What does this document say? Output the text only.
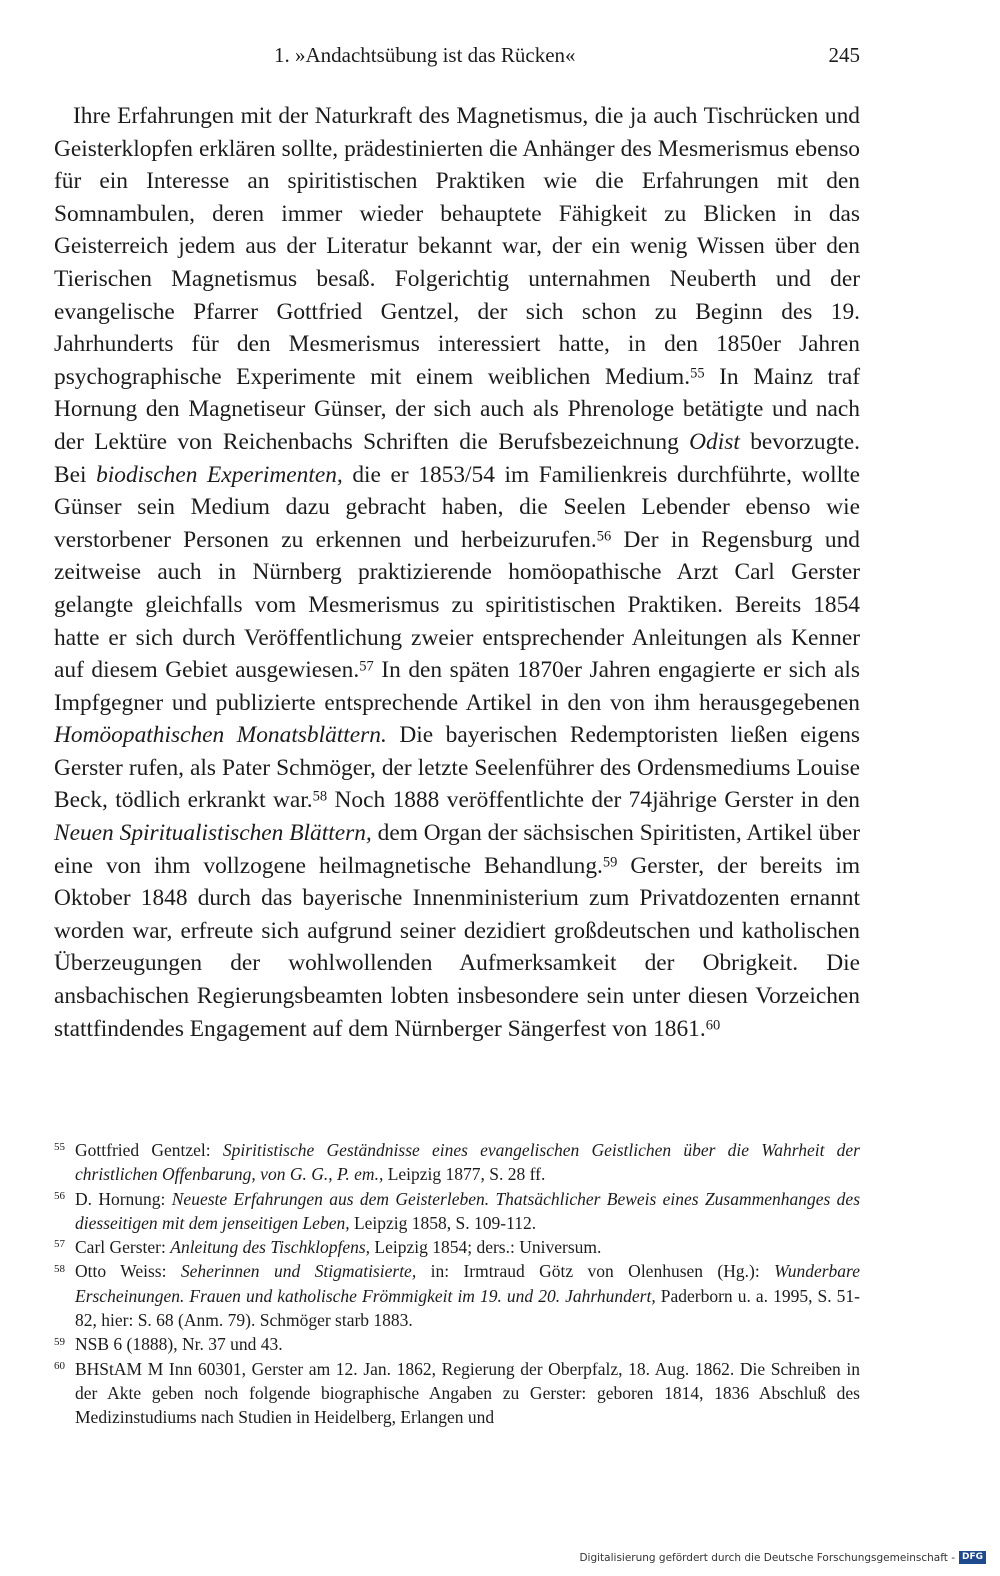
1. »Andachtsübung ist das Rücken«	245

Ihre Erfahrungen mit der Naturkraft des Magnetismus, die ja auch Tischrücken und Geisterklopfen erklären sollte, prädestinierten die Anhänger des Mesmerismus ebenso für ein Interesse an spiritistischen Praktiken wie die Erfahrungen mit den Somnambulen, deren immer wieder behauptete Fähigkeit zu Blicken in das Geisterreich jedem aus der Literatur bekannt war, der ein wenig Wissen über den Tierischen Magnetismus besaß. Folgerichtig unternahmen Neuberth und der evangelische Pfarrer Gottfried Gentzel, der sich schon zu Beginn des 19. Jahrhunderts für den Mesmerismus interessiert hatte, in den 1850er Jahren psychographische Experimente mit einem weiblichen Medium.$^{55}$ In Mainz traf Hornung den Magnetiseur Günser, der sich auch als Phrenologe betätigte und nach der Lektüre von Reichenbachs Schriften die Berufsbezeichnung Odist bevorzugte. Bei biodischen Experimenten, die er 1853/54 im Familienkreis durchführte, wollte Günser sein Medium dazu gebracht haben, die Seelen Lebender ebenso wie verstorbener Personen zu erkennen und herbeizurufen.$^{56}$ Der in Regensburg und zeitweise auch in Nürnberg praktizierende homöopathische Arzt Carl Gerster gelangte gleichfalls vom Mesmerismus zu spiritistischen Praktiken. Bereits 1854 hatte er sich durch Veröffentlichung zweier entsprechender Anleitungen als Kenner auf diesem Gebiet ausgewiesen.$^{57}$ In den späten 1870er Jahren engagierte er sich als Impfgegner und publizierte entsprechende Artikel in den von ihm herausgegebenen Homöopathischen Monatsblättern. Die bayerischen Redemptoristen ließen eigens Gerster rufen, als Pater Schmöger, der letzte Seelenführer des Ordensmediums Louise Beck, tödlich erkrankt war.$^{58}$ Noch 1888 veröffentlichte der 74jährige Gerster in den Neuen Spiritualistischen Blättern, dem Organ der sächsischen Spiritisten, Artikel über eine von ihm vollzogene heilmagnetische Behandlung.$^{59}$ Gerster, der bereits im Oktober 1848 durch das bayerische Innenministerium zum Privatdozenten ernannt worden war, erfreute sich aufgrund seiner dezidiert großdeutschen und katholischen Überzeugungen der wohlwollenden Aufmerksamkeit der Obrigkeit. Die ansbachischen Regierungsbeamten lobten insbesondere sein unter diesen Vorzeichen stattfindendes Engagement auf dem Nürnberger Sängerfest von 1861.60

55 Gottfried Gentzel: Spiritistische Geständnisse eines evangelischen Geistlichen über die Wahrheit der christlichen Offenbarung, von G. G., P. em., Leipzig 1877, S. 28 ff.

56 D. Hornung: Neueste Erfahrungen aus dem Geisterleben. Thatsächlicher Beweis eines Zusammenhanges des diesseitigen mit dem jenseitigen Leben, Leipzig 1858, S. 109-112.

57 Carl Gerster: Anleitung des Tischklopfens, Leipzig 1854; ders.: Universum.

58 Otto Weiss: Seherinnen und Stigmatisierte, in: Irmtraud Götz von Olenhusen (Hg.): Wunderbare Erscheinungen. Frauen und katholische Frömmigkeit im 19. und 20. Jahrhundert, Paderborn u. a. 1995, S. 51-82, hier: S. 68 (Anm. 79). Schmöger starb 1883.

59 NSB 6 (1888), Nr. 37 und 43.

60 BHStAM M Inn 60301, Gerster am 12. Jan. 1862, Regierung der Oberpfalz, 18. Aug. 1862. Die Schreiben in der Akte geben noch folgende biographische Angaben zu Gerster: geboren 1814, 1836 Abschluß des Medizinstudiums nach Studien in Heidelberg, Erlangen und

Digitalisierung gefördert durch die Deutsche Forschungsgemeinschaft - DFG
